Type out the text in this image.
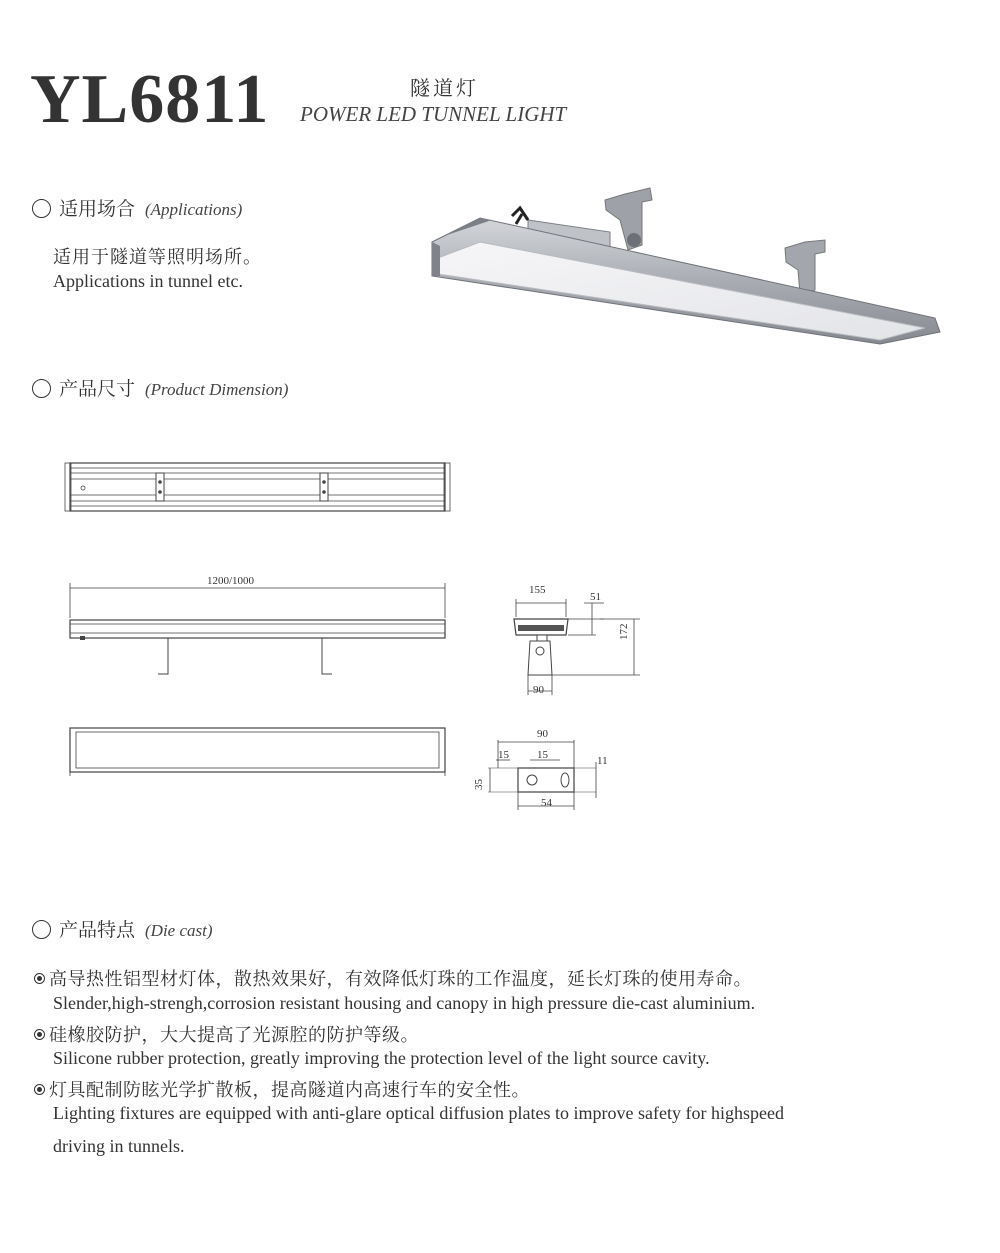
YL6811	隧道灯
POWER LED TUNNEL LIGHT
适用场合 (Applications)
适用于隧道等照明场所。
Applications in tunnel etc.
产品尺寸 (Product Dimension)
1200/1000
155
51
172
90
90
15	15	11
35
54
产品特点 (Die cast)
高导热性铝型材灯体，散热效果好，有效降低灯珠的工作温度，延长灯珠的使用寿命。
Slender,high-strengh,corrosion resistant housing and canopy in high pressure die-cast aluminium.
硅橡胶防护，大大提高了光源腔的防护等级。
Silicone rubber protection, greatly improving the protection level of the light source cavity.
灯具配制防眩光学扩散板，提高隧道内高速行车的安全性。
Lighting fixtures are equipped with anti-glare optical diffusion plates to improve safety for highspeed
driving in tunnels.
